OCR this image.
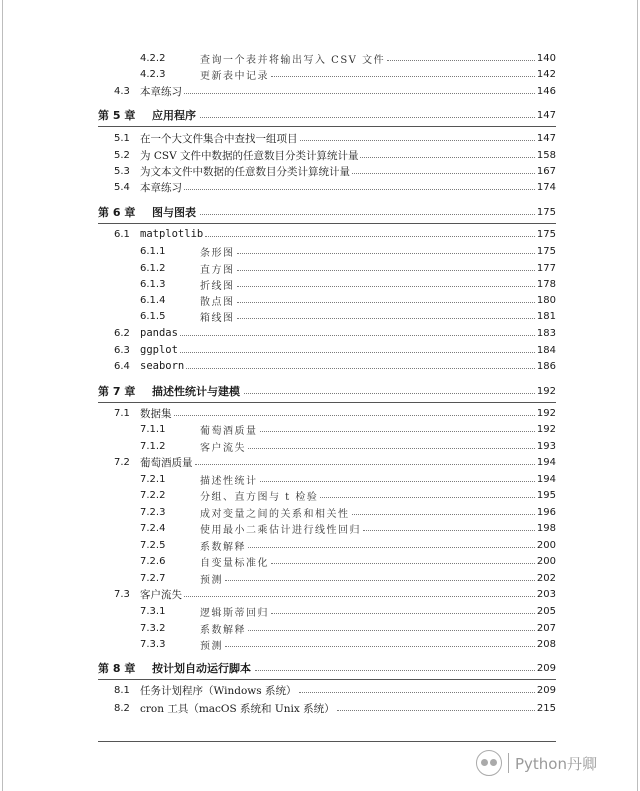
4.2.2	查询一个表并将输出写入 CSV 文件	140
4.2.3	更新表中记录	142
4.3 本章练习	146
第 5 章	应用程序	147
5.1 在一个大文件集合中查找一组项目	147
5.2 为 CSV 文件中数据的任意数目分类计算统计量	158
5.3 为文本文件中数据的任意数目分类计算统计量	167
5.4 本章练习	174
第 6 章	图与图表	175
6.1 matplotlib	175
6.1.1	条形图	175
6.1.2	直方图	177
6.1.3	折线图	178
6.1.4	散点图	180
6.1.5	箱线图	181
6.2 pandas	183
6.3 ggplot	184
6.4 seaborn	186
第 7 章	描述性统计与建模	192
7.1 数据集	192
7.1.1	葡萄酒质量	192
7.1.2	客户流失	193
7.2 葡萄酒质量	194
7.2.1	描述性统计	194
7.2.2	分组、直方图与 t 检验	195
7.2.3	成对变量之间的关系和相关性	196
7.2.4	使用最小二乘估计进行线性回归	198
7.2.5	系数解释	200
7.2.6	自变量标准化	200
7.2.7	预测	202
7.3 客户流失	203
7.3.1	逻辑斯蒂回归	205
7.3.2	系数解释	207
7.3.3	预测	208
第 8 章	按计划自动运行脚本	209
8.1 任务计划程序（Windows 系统）	209
8.2 cron 工具（macOS 系统和 Unix 系统）	215
Python丹卿
